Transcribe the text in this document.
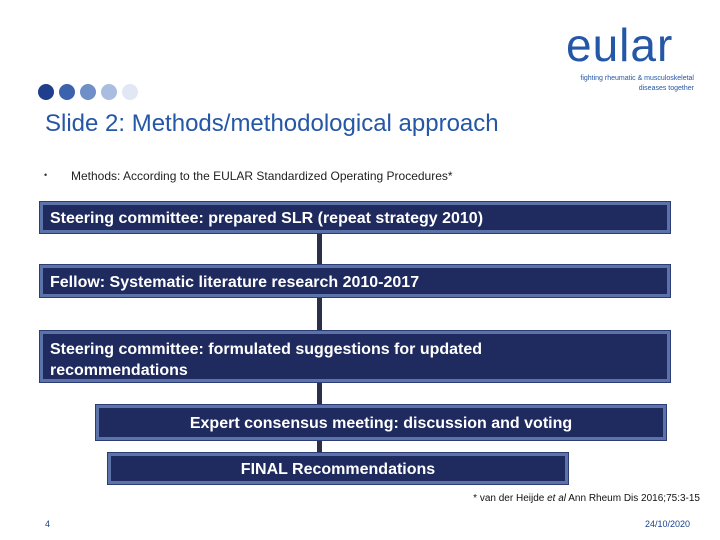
eular
fighting rheumatic & musculoskeletal diseases together
Slide 2: Methods/methodological approach
• Methods: According to the EULAR Standardized Operating Procedures*
Steering committee: prepared SLR (repeat strategy 2010)
Fellow: Systematic literature research 2010-2017
Steering committee: formulated suggestions for updated
recommendations
Expert consensus meeting: discussion and voting
FINAL Recommendations
* van der Heijde et al Ann Rheum Dis 2016;75:3-15
4	24/10/2020
